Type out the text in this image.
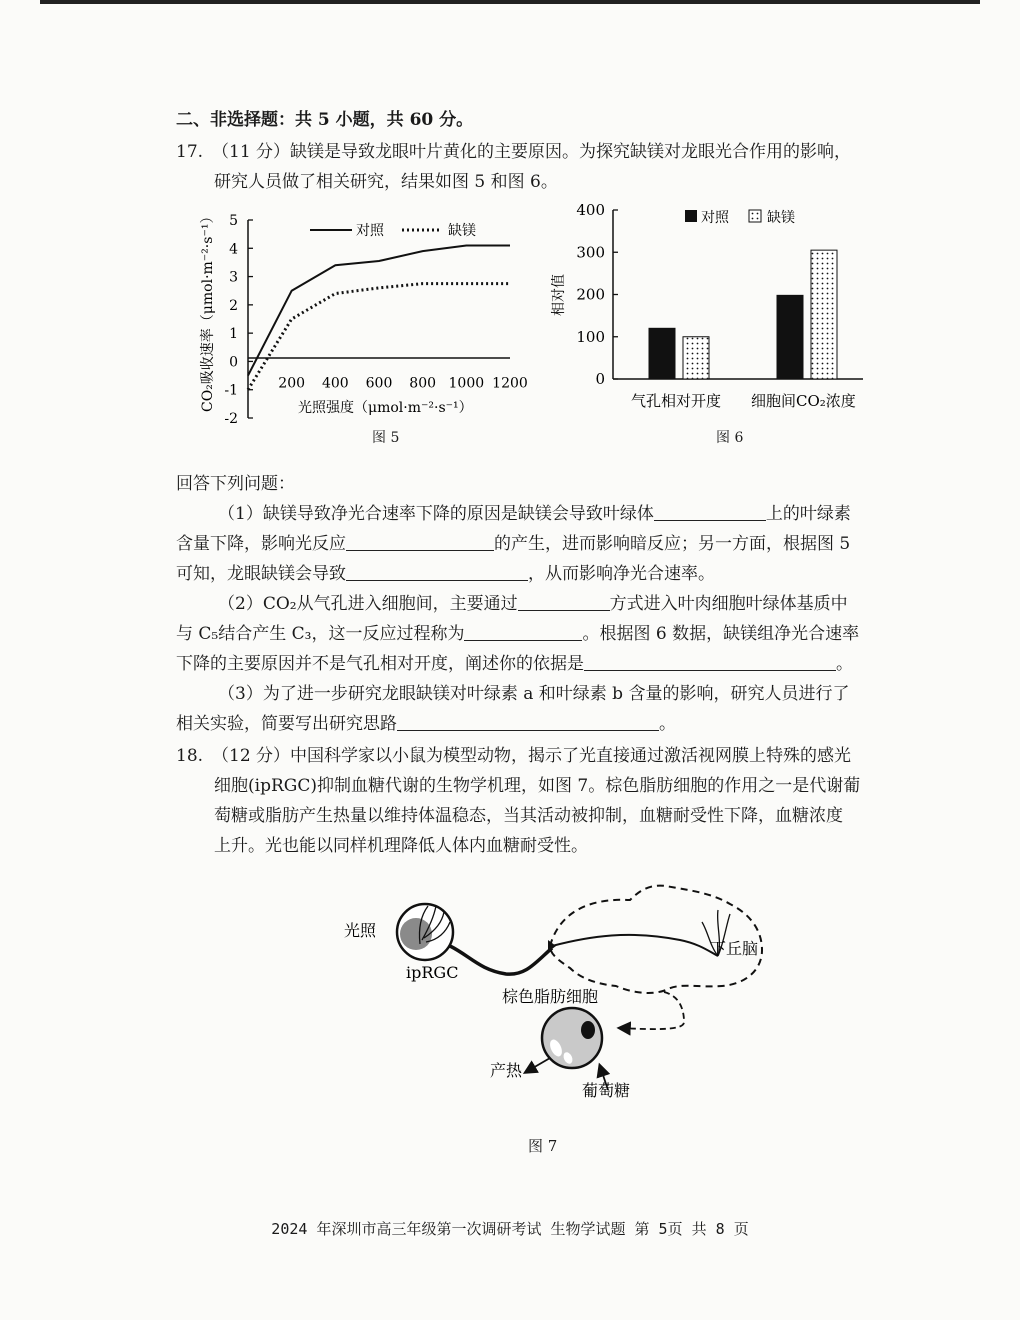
二、非选择题：共 5 小题，共 60 分。
17. （11 分）缺镁是导致龙眼叶片黄化的主要原因。为探究缺镁对龙眼光合作用的影响，
研究人员做了相关研究，结果如图 5 和图 6。
5
4
3
2
1
0
-1
-2
200 400 600 800 1000 1200
对照	缺镁
CO₂吸收速率（μmol·m⁻²·s⁻¹）	光照强度（μmol·m⁻²·s⁻¹）
图 5
400
300
200
100
0
相对值
气孔相对开度 细胞间CO₂浓度
对照	缺镁
图 6
回答下列问题：
（1）缺镁导致净光合速率下降的原因是缺镁会导致叶绿体	上的叶绿素
含量下降，影响光反应	的产生，进而影响暗反应；另一方面，根据图 5
可知，龙眼缺镁会导致	，从而影响净光合速率。
（2）CO₂从气孔进入细胞间，主要通过	方式进入叶肉细胞叶绿体基质中
与 C₅结合产生 C₃，这一反应过程称为	。根据图 6 数据，缺镁组净光合速率
下降的主要原因并不是气孔相对开度，阐述你的依据是	。
（3）为了进一步研究龙眼缺镁对叶绿素 a 和叶绿素 b 含量的影响，研究人员进行了
相关实验，简要写出研究思路	。
18. （12 分）中国科学家以小鼠为模型动物，揭示了光直接通过激活视网膜上特殊的感光
细胞(ipRGC)抑制血糖代谢的生物学机理，如图 7。棕色脂肪细胞的作用之一是代谢葡
萄糖或脂肪产生热量以维持体温稳态，当其活动被抑制，血糖耐受性下降，血糖浓度
上升。光也能以同样机理降低人体内血糖耐受性。
光照
ipRGC
下丘脑
棕色脂肪细胞
产热
葡萄糖
图 7
2024 年深圳市高三年级第一次调研考试 生物学试题 第 5页 共 8 页
